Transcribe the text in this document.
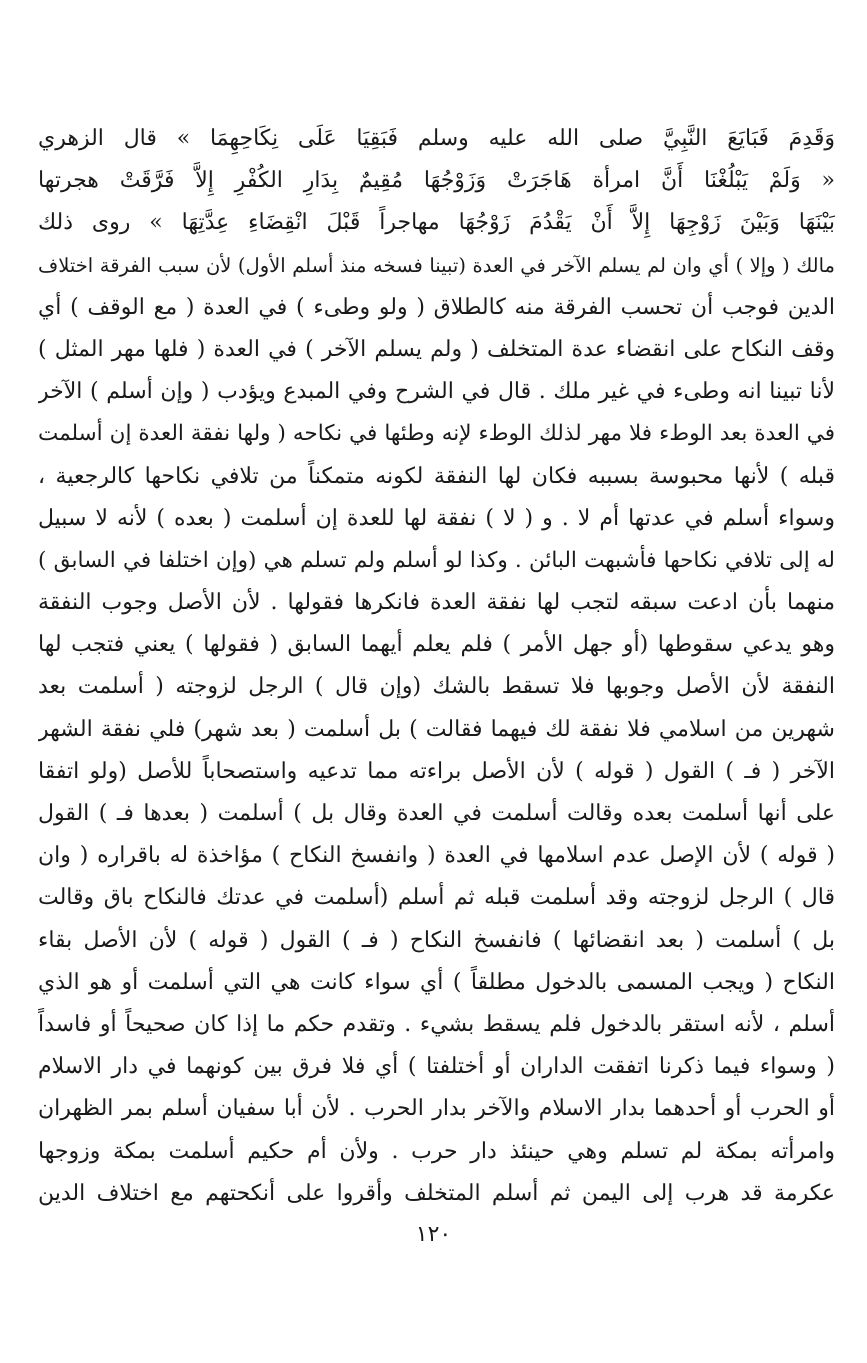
وَقَدِمَ فَبَايَعَ النَّبِيَّ صلى الله عليه وسلم فَبَقِيَا عَلَى نِكَاحِهِمَا » قال الزهري
« وَلَمْ يَبْلُغْنَا أَنَّ امرأة هَاجَرَتْ وَزَوْجُهَا مُقِيمٌ بِدَارِ الكُفْرِ إِلاَّ فَرَّقَتْ هجرتها
بَيْنَهَا وَبَيْنَ زَوْجِهَا إِلاَّ أَنْ يَقْدُمَ زَوْجُهَا مهاجراً قَبْلَ انْقِضَاءِ عِدَّتِهَا » روى ذلك
مالك ( وإلا ) أي وان لم يسلم الآخر في العدة (تبينا فسخه منذ أسلم الأول) لأن سبب الفرقة اختلاف
الدين فوجب أن تحسب الفرقة منه كالطلاق ( ولو وطىء ) في العدة ( مع الوقف ) أي
وقف النكاح على انقضاء عدة المتخلف ( ولم يسلم الآخر ) في العدة ( فلها مهر المثل )
لأنا تبينا انه وطىء في غير ملك . قال في الشرح وفي المبدع ويؤدب ( وإن أسلم ) الآخر
في العدة بعد الوطء فلا مهر لذلك الوطء لإنه وطئها في نكاحه ( ولها نفقة العدة إن أسلمت
قبله ) لأنها محبوسة بسببه فكان لها النفقة لكونه متمكناً من تلافي نكاحها كالرجعية ،
وسواء أسلم في عدتها أم لا . و ( لا ) نفقة لها للعدة إن أسلمت ( بعده ) لأنه لا سبيل
له إلى تلافي نكاحها فأشبهت البائن . وكذا لو أسلم ولم تسلم هي (وإن اختلفا في السابق )
منهما بأن ادعت سبقه لتجب لها نفقة العدة فانكرها فقولها . لأن الأصل وجوب النفقة
وهو يدعي سقوطها (أو جهل الأمر ) فلم يعلم أيهما السابق ( فقولها ) يعني فتجب لها
النفقة لأن الأصل وجوبها فلا تسقط بالشك (وإن قال ) الرجل لزوجته ( أسلمت بعد
شهرين من اسلامي فلا نفقة لك فيهما فقالت ) بل أسلمت ( بعد شهر) فلي نفقة الشهر
الآخر ( فـ ) القول ( قوله ) لأن الأصل براءته مما تدعيه واستصحاباً للأصل (ولو اتفقا
على أنها أسلمت بعده وقالت أسلمت في العدة وقال بل ) أسلمت ( بعدها فـ ) القول
( قوله ) لأن الإصل عدم اسلامها في العدة ( وانفسخ النكاح ) مؤاخذة له باقراره ( وان
قال ) الرجل لزوجته وقد أسلمت قبله ثم أسلم (أسلمت في عدتك فالنكاح باق وقالت
بل ) أسلمت ( بعد انقضائها ) فانفسخ النكاح ( فـ ) القول ( قوله ) لأن الأصل بقاء
النكاح ( ويجب المسمى بالدخول مطلقاً ) أي سواء كانت هي التي أسلمت أو هو الذي
أسلم ، لأنه استقر بالدخول فلم يسقط بشيء . وتقدم حكم ما إذا كان صحيحاً أو فاسداً
( وسواء فيما ذكرنا اتفقت الداران أو أختلفتا ) أي فلا فرق بين كونهما في دار الاسلام
أو الحرب أو أحدهما بدار الاسلام والآخر بدار الحرب . لأن أبا سفيان أسلم بمر الظهران
وامرأته بمكة لم تسلم وهي حينئذ دار حرب . ولأن أم حكيم أسلمت بمكة وزوجها
عكرمة قد هرب إلى اليمن ثم أسلم المتخلف وأقروا على أنكحتهم مع اختلاف الدين
١٢٠
